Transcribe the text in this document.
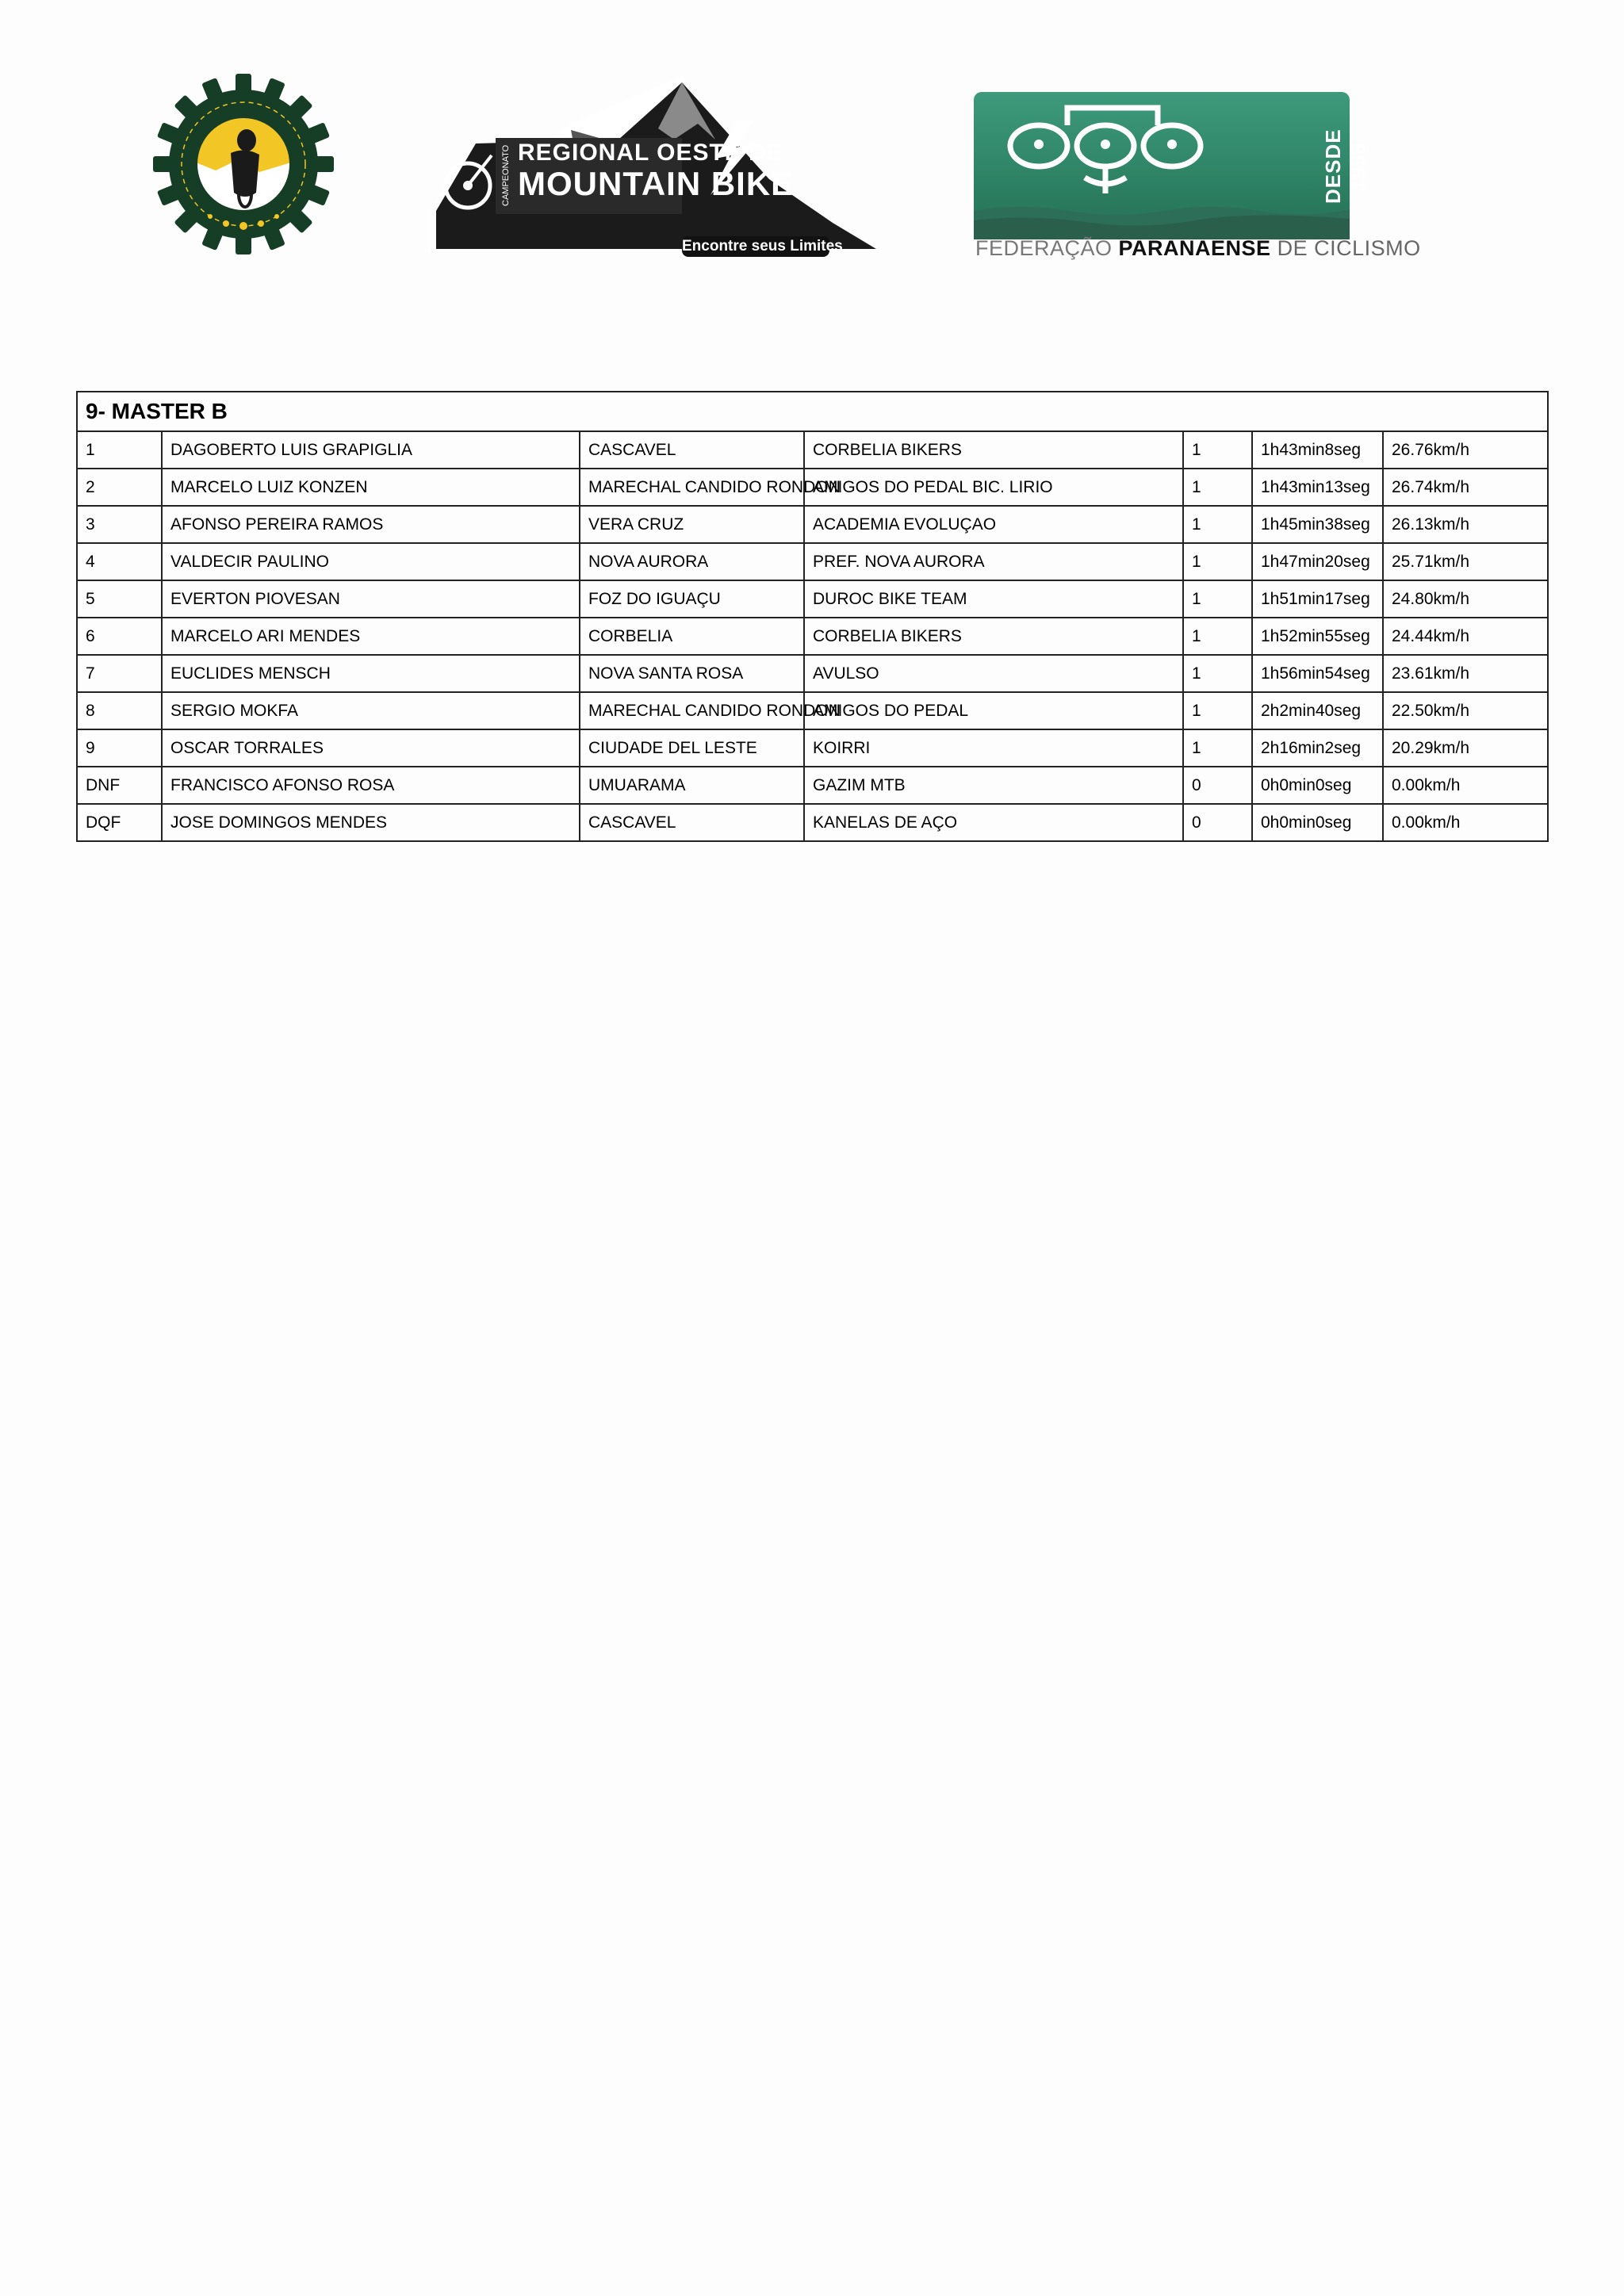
CAMPEONATO REGIONAL OESTE DE
MOUNTAIN BIKE
Encontre seus Limites
DESDE 1953
FEDERAÇÃO PARANAENSE DE CICLISMO
9- MASTER B						
1	DAGOBERTO LUIS GRAPIGLIA	CASCAVEL	CORBELIA BIKERS	1	1h43min8seg	26.76km/h
2	MARCELO LUIZ KONZEN	MARECHAL CANDIDO RONDON	AMIGOS DO PEDAL BIC. LIRIO	1	1h43min13seg	26.74km/h
3	AFONSO PEREIRA RAMOS	VERA CRUZ	ACADEMIA EVOLUÇAO	1	1h45min38seg	26.13km/h
4	VALDECIR PAULINO	NOVA AURORA	PREF. NOVA AURORA	1	1h47min20seg	25.71km/h
5	EVERTON PIOVESAN	FOZ DO IGUAÇU	DUROC BIKE TEAM	1	1h51min17seg	24.80km/h
6	MARCELO ARI MENDES	CORBELIA	CORBELIA BIKERS	1	1h52min55seg	24.44km/h
7	EUCLIDES MENSCH	NOVA SANTA ROSA	AVULSO	1	1h56min54seg	23.61km/h
8	SERGIO MOKFA	MARECHAL CANDIDO RONDON	AMIGOS DO PEDAL	1	2h2min40seg	22.50km/h
9	OSCAR TORRALES	CIUDADE DEL LESTE	KOIRRI	1	2h16min2seg	20.29km/h
DNF	FRANCISCO AFONSO ROSA	UMUARAMA	GAZIM MTB	0	0h0min0seg	0.00km/h
DQF	JOSE DOMINGOS MENDES	CASCAVEL	KANELAS DE AÇO	0	0h0min0seg	0.00km/h
